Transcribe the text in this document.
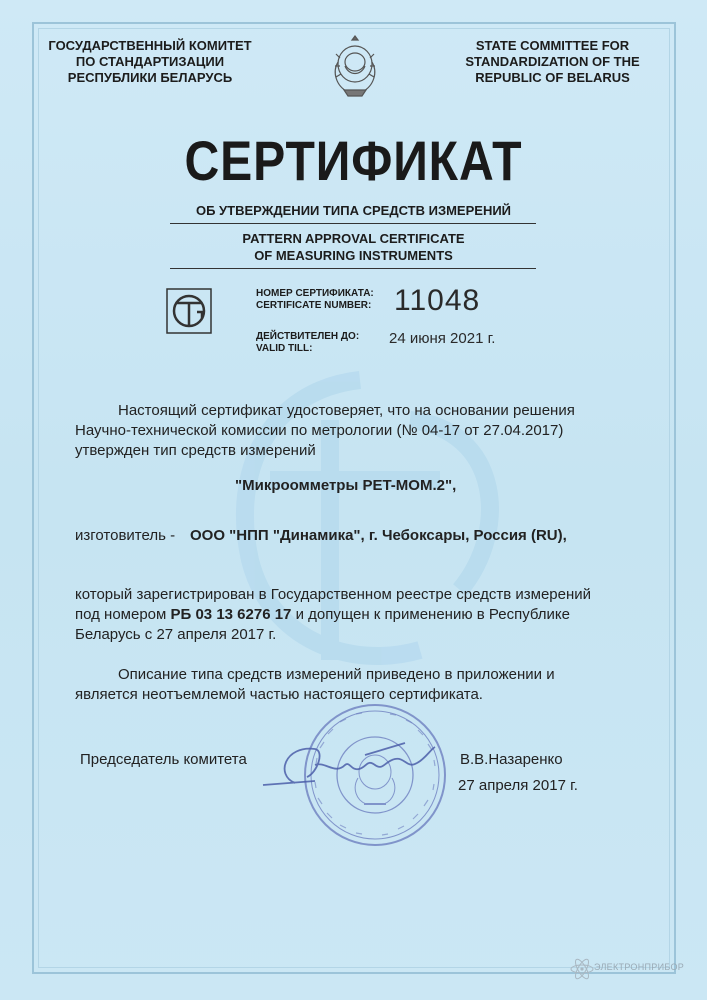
ГОСУДАРСТВЕННЫЙ КОМИТЕТ
ПО СТАНДАРТИЗАЦИИ
РЕСПУБЛИКИ БЕЛАРУСЬ
STATE COMMITTEE FOR
STANDARDIZATION OF THE
REPUBLIC OF BELARUS
СЕРТИФИКАТ
ОБ УТВЕРЖДЕНИИ ТИПА СРЕДСТВ ИЗМЕРЕНИЙ
PATTERN APPROVAL CERTIFICATE
OF MEASURING INSTRUMENTS
НОМЕР СЕРТИФИКАТА:
CERTIFICATE NUMBER: 11048
ДЕЙСТВИТЕЛЕН ДО:
VALID TILL:
24 июня 2021 г.
Настоящий сертификат удостоверяет, что на основании решения
Научно-технической комиссии по метрологии (№ 04-17 от 27.04.2017)
утвержден тип средств измерений
"Микроомметры PET-MOM.2",
изготовитель - ООО "НПП "Динамика", г. Чебоксары, Россия (RU),
который зарегистрирован в Государственном реестре средств измерений
под номером РБ 03 13 6276 17 и допущен к применению в Республике
Беларусь с 27 апреля 2017 г.
Описание типа средств измерений приведено в приложении и
является неотъемлемой частью настоящего сертификата.
Председатель комитета	В.В.Назаренко
27 апреля 2017 г.
ЭЛЕКТРОНПРИБОР
